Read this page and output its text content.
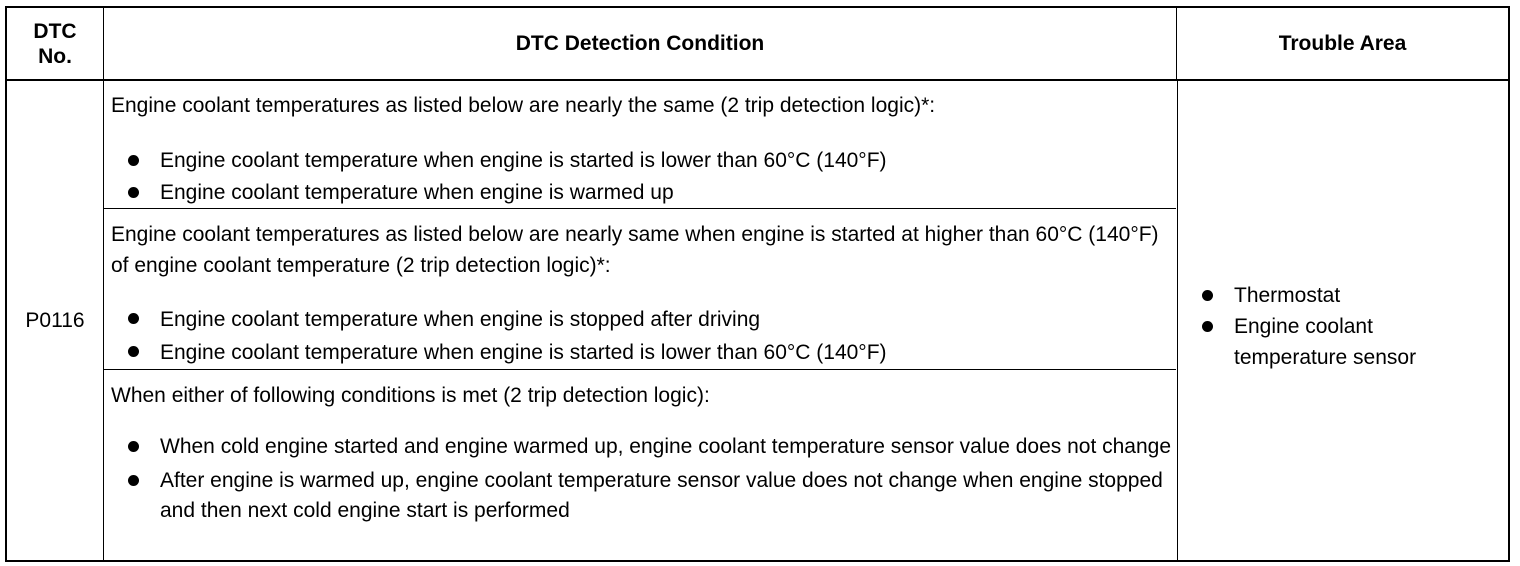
DTC
No.
DTC Detection Condition	Trouble Area
P0116
Engine coolant temperatures as listed below are nearly the same (2 trip detection logic)*:
Engine coolant temperature when engine is started is lower than 60°C (140°F)
Engine coolant temperature when engine is warmed up
Engine coolant temperatures as listed below are nearly same when engine is started at higher than 60°C (140°F) of engine coolant temperature (2 trip detection logic)*:
Engine coolant temperature when engine is stopped after driving
Engine coolant temperature when engine is started is lower than 60°C (140°F)
When either of following conditions is met (2 trip detection logic):
When cold engine started and engine warmed up, engine coolant temperature sensor value does not change
After engine is warmed up, engine coolant temperature sensor value does not change when engine stopped and then next cold engine start is performed
Thermostat
Engine coolant temperature sensor
